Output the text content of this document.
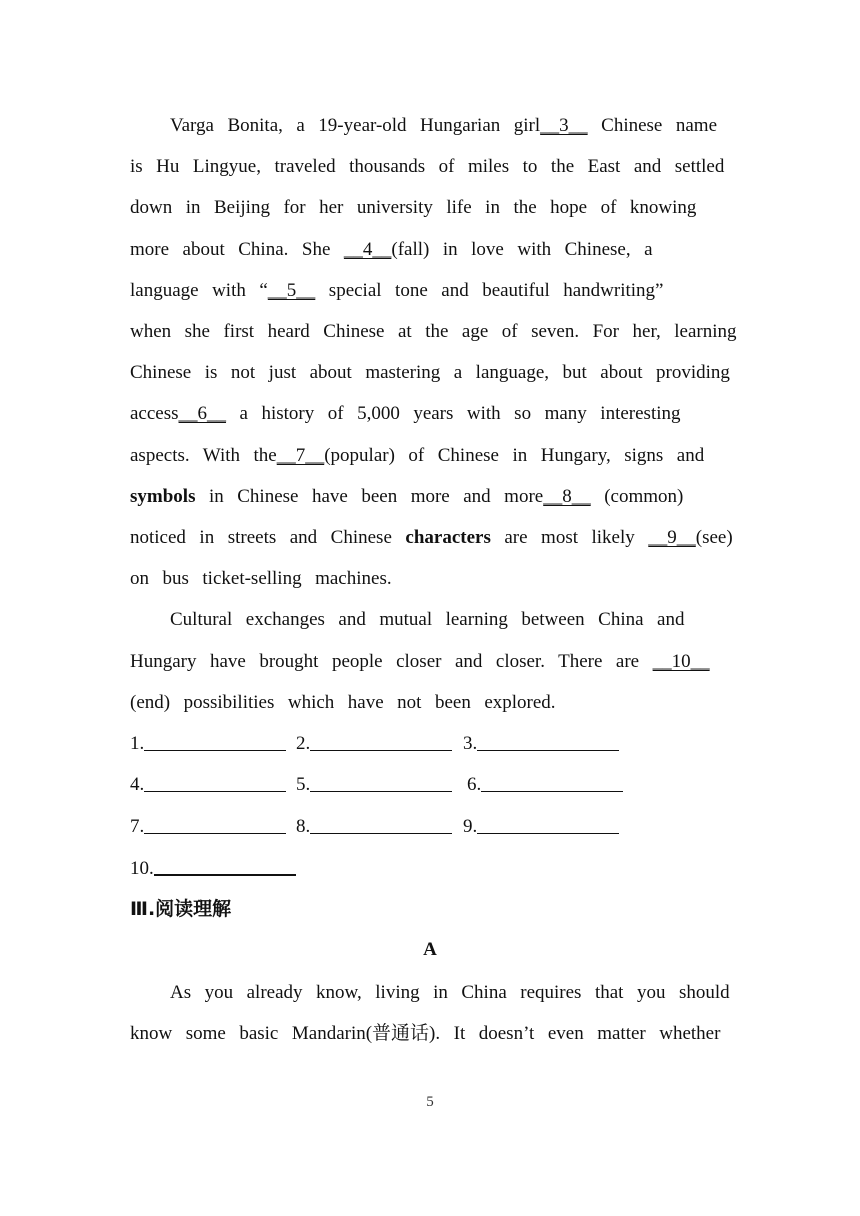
Varga  Bonita,  a  19-year-old  Hungarian  girl__3__  Chinese  name
is  Hu  Lingyue,  traveled  thousands  of  miles  to  the  East  and  settled
down  in  Beijing  for  her  university  life  in  the  hope  of  knowing
more  about  China.  She  __4__(fall)  in  love  with  Chinese,  a
language  with  “__5__  special  tone  and  beautiful  handwriting”
when  she  first  heard  Chinese  at  the  age  of  seven.  For  her,  learning
Chinese  is  not  just  about  mastering  a  language,  but  about  providing
access__6__  a  history  of  5,000  years  with  so  many  interesting
aspects.  With  the__7__(popular)  of  Chinese  in  Hungary,  signs  and
symbols  in  Chinese  have  been  more  and  more__8__  (common)
noticed  in  streets  and  Chinese  characters  are  most  likely  __9__(see)
on  bus  ticket-selling  machines.
Cultural  exchanges  and  mutual  learning  between  China  and
Hungary  have  brought  people  closer  and  closer.  There  are  __10__
(end)  possibilities  which  have  not  been  explored.
1.	2.	3.
4.	5.	6.
7.	8.	9.
10.
Ⅲ.阅读理解
A
As  you  already  know,  living  in  China  requires  that  you  should
know  some  basic  Mandarin(普通话).  It  doesn’t  even  matter  whether
5
